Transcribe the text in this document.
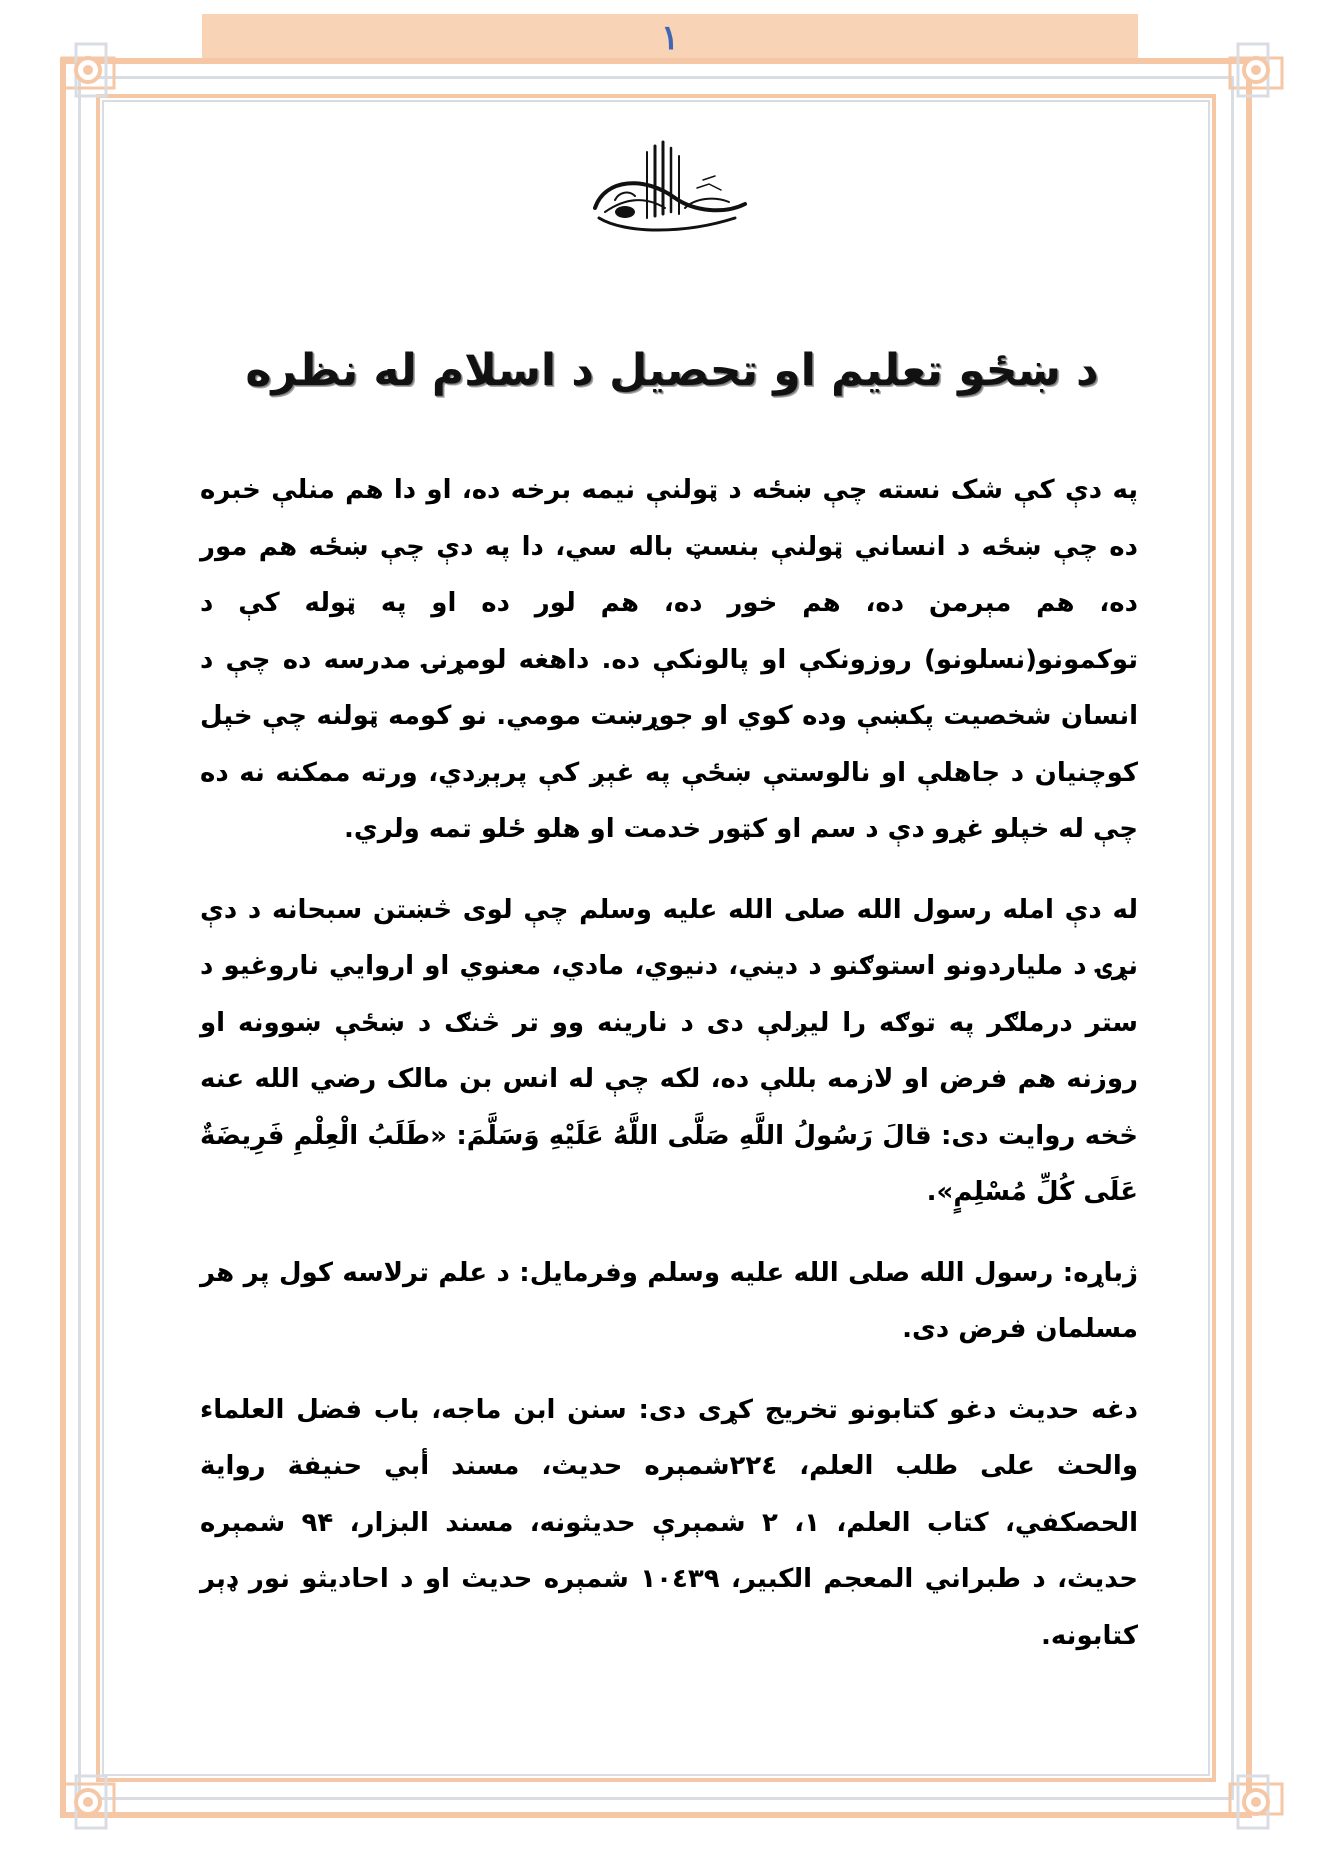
۱
د ښځو تعلیم او تحصیل د اسلام له نظره

په دې کې شک نسته چې ښځه د ټولنې نیمه برخه ده، او دا هم منلې خبره ده چې ښځه د انساني ټولنې بنسټ باله سي، دا په دې چې ښځه هم مور ده، هم مېرمن ده، هم خور ده، هم لور ده او په ټوله کې د توکمونو(نسلونو) روزونکې او پالونکې ده. داهغه لومړنۍ مدرسه ده چې د انسان شخصیت پکښې وده کوي او جوړښت مومي. نو کومه ټولنه چې خپل کوچنیان د جاهلې او نالوستې ښځې په غېږ کې پرېږدي، ورته ممکنه نه ده چې له خپلو غړو دې د سم او کټور خدمت او هلو ځلو تمه ولري.

له دې امله رسول الله صلی الله علیه وسلم چې لوی څښتن سبحانه د دې نړۍ د ملیاردونو استوګنو د دیني، دنیوي، مادي، معنوي او اروایي ناروغیو د ستر درملګر په توګه را لیږلې دی د نارینه وو تر څنګ د ښځې ښوونه او روزنه هم فرض او لازمه بللې ده، لکه چې له انس بن مالک رضي الله عنه څخه روایت دی: قالَ رَسُولُ اللَّهِ صَلَّى اللَّهُ عَلَيْهِ وَسَلَّمَ: «طَلَبُ الْعِلْمِ فَرِيضَةٌ عَلَى كُلِّ مُسْلِمٍ».

ژباړه: رسول الله صلی الله علیه وسلم وفرمایل: د علم ترلاسه کول پر هر مسلمان فرض دی.

دغه حدیث دغو کتابونو تخریج کړی دی: سنن ابن ماجه، باب فضل العلماء والحث على طلب العلم، ۲۲٤شمېره حدیث، مسند أبي حنيفة رواية الحصكفي، كتاب العلم، ۱، ۲ شمېرې حدیثونه، مسند البزار، ۹۴ شمېره حدیث، د طبراني المعجم الكبير، ۱۰٤۳۹ شمېره حدیث او د احادیثو نور ډېر کتابونه.
